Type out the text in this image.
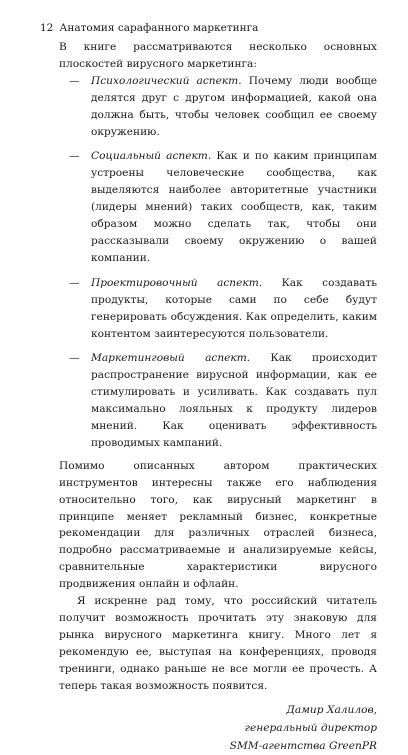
12 Анатомия сарафанного маркетинга

В книге рассматриваются несколько основных плоскостей вирусного маркетинга:

— Психологический аспект. Почему люди вообще делятся друг с другом информацией, какой она должна быть, чтобы человек сообщил ее своему окружению.
— Социальный аспект. Как и по каким принципам устроены человеческие сообщества, как выделяются наиболее авторитетные участники (лидеры мнений) таких сообществ, как, таким образом можно сделать так, чтобы они рассказывали своему окружению о вашей компании.
— Проектировочный аспект. Как создавать продукты, которые сами по себе будут генерировать обсуждения. Как определить, каким контентом заинтересуются пользователи.
— Маркетинговый аспект. Как происходит распространение вирусной информации, как ее стимулировать и усиливать. Как создавать пул максимально лояльных к продукту лидеров мнений. Как оценивать эффективность проводимых кампаний.

Помимо описанных автором практических инструментов интересны также его наблюдения относительно того, как вирусный маркетинг в принципе меняет рекламный бизнес, конкретные рекомендации для различных отраслей бизнеса, подробно рассматриваемые и анализируемые кейсы, сравнительные характеристики вирусного продвижения онлайн и офлайн.

Я искренне рад тому, что российский читатель получит возможность прочитать эту знаковую для рынка вирусного маркетинга книгу. Много лет я рекомендую ее, выступая на конференциях, проводя тренинги, однако раньше не все могли ее прочесть. А теперь такая возможность появится.

Дамир Халилов,
генеральный директор
SMM-агентства GreenPR
